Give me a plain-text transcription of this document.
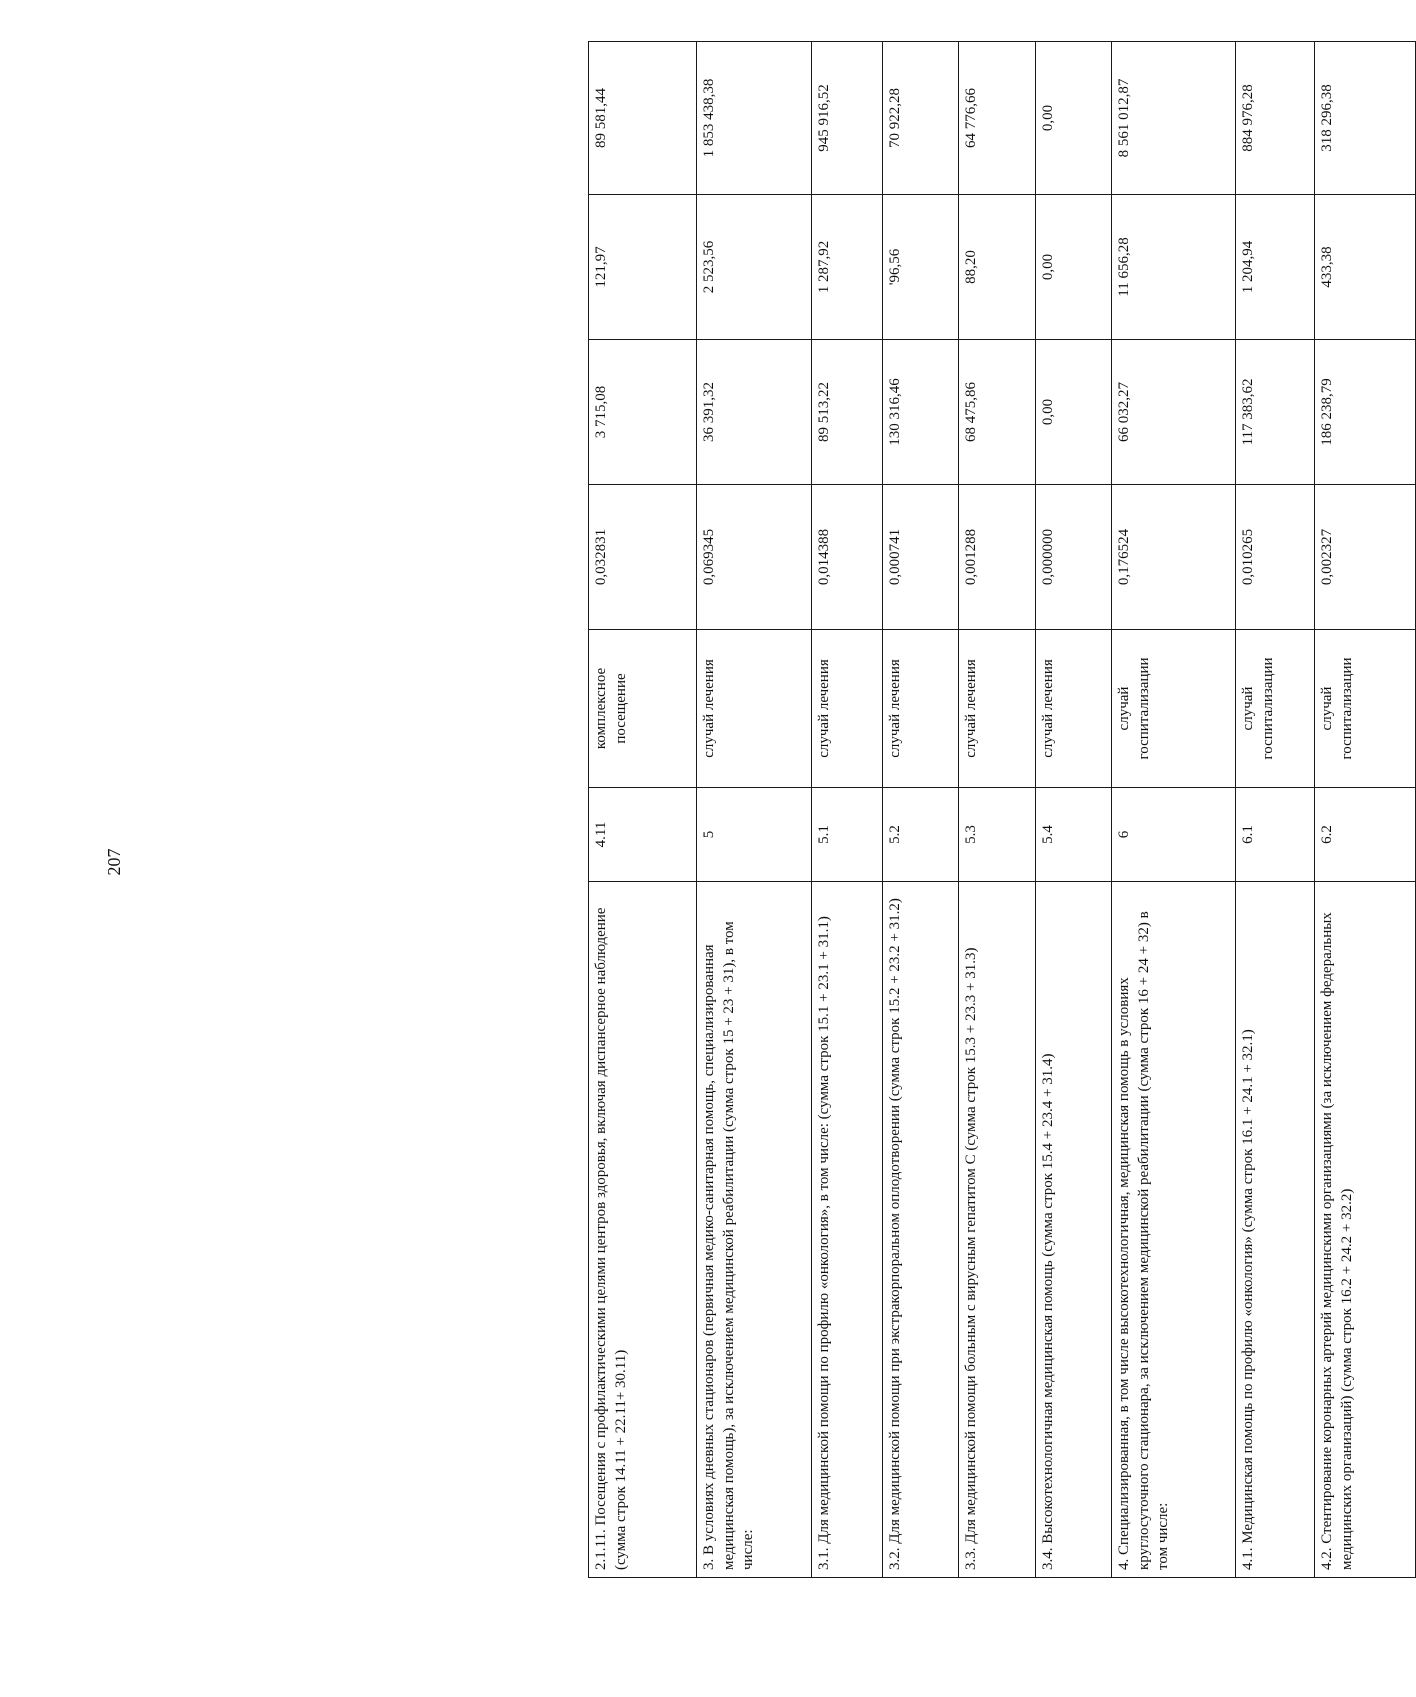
207
2.1.11. Посещения с профилактическими целями центров здоровья, включая диспансерное наблюдение (сумма строк 14.11 + 22.11+ 30.11)	4.11	комплексное посещение	0,032831	3 715,08	121,97	89 581,44
3. В условиях дневных стационаров (первичная медико-санитарная помощь, специализированная медицинская помощь), за исключением медицинской реабилитации (сумма строк 15 + 23 + 31), в том числе:	5	случай лечения	0,069345	36 391,32	2 523,56	1 853 438,38
3.1. Для медицинской помощи по профилю «онкология», в том числе: (сумма строк 15.1 + 23.1 + 31.1)	5.1	случай лечения	0,014388	89 513,22	1 287,92	945 916,52
3.2. Для медицинской помощи при экстракорпоральном оплодотворении (сумма строк 15.2 + 23.2 + 31.2)	5.2	случай лечения	0,000741	130 316,46	'96,56	70 922,28
3.3. Для медицинской помощи больным с вирусным гепатитом С (сумма строк 15.3 + 23.3 + 31.3)	5.3	случай лечения	0,001288	68 475,86	88,20	64 776,66
3.4. Высокотехнологичная медицинская помощь (сумма строк 15.4 + 23.4 + 31.4)	5.4	случай лечения	0,000000	0,00	0,00	0,00
4. Специализированная, в том числе высокотехнологичная, медицинская помощь в условиях круглосуточного стационара, за исключением медицинской реабилитации (сумма строк 16 + 24 + 32) в том числе:	6	случай госпитализации	0,176524	66 032,27	11 656,28	8 561 012,87
4.1. Медицинская помощь по профилю «онкология» (сумма строк 16.1 + 24.1 + 32.1)	6.1	случай госпитализации	0,010265	117 383,62	1 204,94	884 976,28
4.2. Стентирование коронарных артерий медицинскими организациями (за исключением федеральных медицинских организаций) (сумма строк 16.2 + 24.2 + 32.2)	6.2	случай госпитализации	0,002327	186 238,79	433,38	318 296,38
